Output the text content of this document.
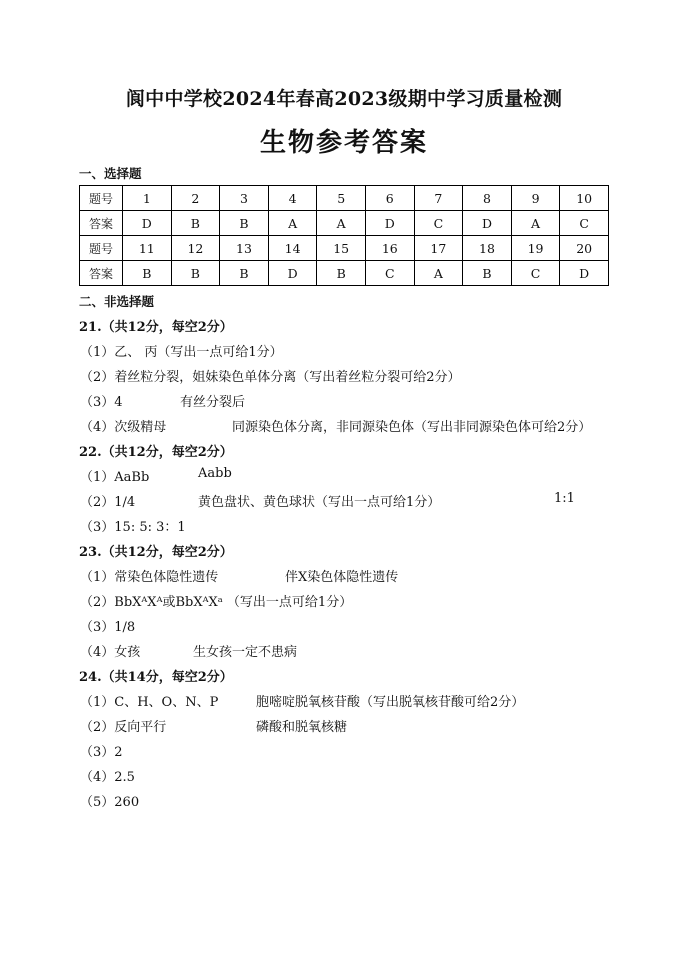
阆中中学校2024年春高2023级期中学习质量检测
生物参考答案
一、选择题
题号	1	2	3	4	5	6	7	8	9	10
答案	D	B	B	A	A	D	C	D	A	C
题号	11	12	13	14	15	16	17	18	19	20
答案	B	B	B	D	B	C	A	B	C	D
二、非选择题
21.（共12分，每空2分）
（1）乙、 丙（写出一点可给1分）
（2）着丝粒分裂，姐妹染色单体分离（写出着丝粒分裂可给2分）
（3）4	有丝分裂后
（4）次级精母	同源染色体分离，非同源染色体（写出非同源染色体可给2分）
22.（共12分，每空2分）
（1）AaBb	Aabb
（2）1/4	黄色盘状、黄色球状（写出一点可给1分）	1:1
（3）15: 5: 3：1
23.（共12分，每空2分）
（1）常染色体隐性遗传	伴X染色体隐性遗传
（2）BbXᴬXᴬ或BbXᴬXᵃ （写出一点可给1分）
（3）1/8
（4）女孩	生女孩一定不患病
24.（共14分，每空2分）
（1）C、H、O、N、P	胞嘧啶脱氧核苷酸（写出脱氧核苷酸可给2分）
（2）反向平行	磷酸和脱氧核糖
（3）2
（4）2.5
（5）260
